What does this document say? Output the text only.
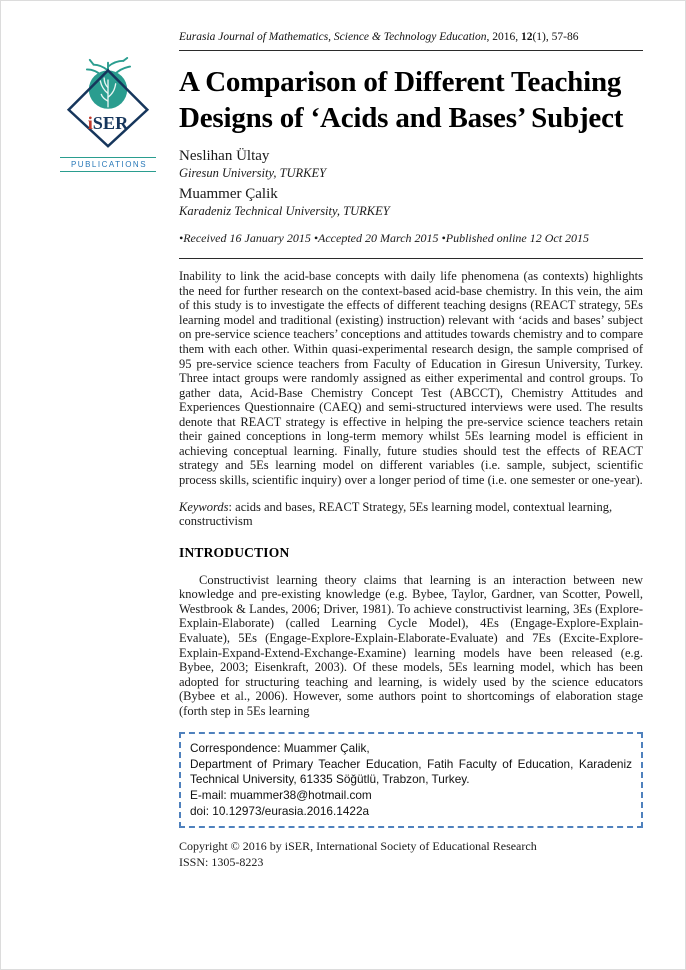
iSER
PUBLICATIONS
Eurasia Journal of Mathematics, Science & Technology Education, 2016, 12(1), 57-86
A Comparison of Different Teaching Designs of ‘Acids and Bases’ Subject
Neslihan Ültay
Giresun University, TURKEY
Muammer Çalik
Karadeniz Technical University, TURKEY
•Received 16 January 2015 •Accepted 20 March 2015 •Published online 12 Oct 2015

Inability to link the acid-base concepts with daily life phenomena (as contexts) highlights the need for further research on the context-based acid-base chemistry. In this vein, the aim of this study is to investigate the effects of different teaching designs (REACT strategy, 5Es learning model and traditional (existing) instruction) relevant with ‘acids and bases’ subject on pre-service science teachers’ conceptions and attitudes towards chemistry and to compare them with each other. Within quasi-experimental research design, the sample comprised of 95 pre-service science teachers from Faculty of Education in Giresun University, Turkey. Three intact groups were randomly assigned as either experimental and control groups. To gather data, Acid-Base Chemistry Concept Test (ABCCT), Chemistry Attitudes and Experiences Questionnaire (CAEQ) and semi-structured interviews were used. The results denote that REACT strategy is effective in helping the pre-service science teachers retain their gained conceptions in long-term memory whilst 5Es learning model is efficient in achieving conceptual learning. Finally, future studies should test the effects of REACT strategy and 5Es learning model on different variables (i.e. sample, subject, scientific process skills, scientific inquiry) over a longer period of time (i.e. one semester or one-year).

Keywords: acids and bases, REACT Strategy, 5Es learning model, contextual learning, constructivism

INTRODUCTION

Constructivist learning theory claims that learning is an interaction between new knowledge and pre-existing knowledge (e.g. Bybee, Taylor, Gardner, van Scotter, Powell, Westbrook & Landes, 2006; Driver, 1981). To achieve constructivist learning, 3Es (Explore-Explain-Elaborate) (called Learning Cycle Model), 4Es (Engage-Explore-Explain-Evaluate), 5Es (Engage-Explore-Explain-Elaborate-Evaluate) and 7Es (Excite-Explore-Explain-Expand-Extend-Exchange-Examine) learning models have been released (e.g. Bybee, 2003; Eisenkraft, 2003). Of these models, 5Es learning model, which has been adopted for structuring teaching and learning, is widely used by the science educators (Bybee et al., 2006). However, some authors point to shortcomings of elaboration stage (forth step in 5Es learning

Correspondence: Muammer Çalik,
Department of Primary Teacher Education, Fatih Faculty of Education, Karadeniz Technical University, 61335 Söğütlü, Trabzon, Turkey.
E-mail: muammer38@hotmail.com
doi: 10.12973/eurasia.2016.1422a
Copyright © 2016 by iSER, International Society of Educational Research
ISSN: 1305-8223
